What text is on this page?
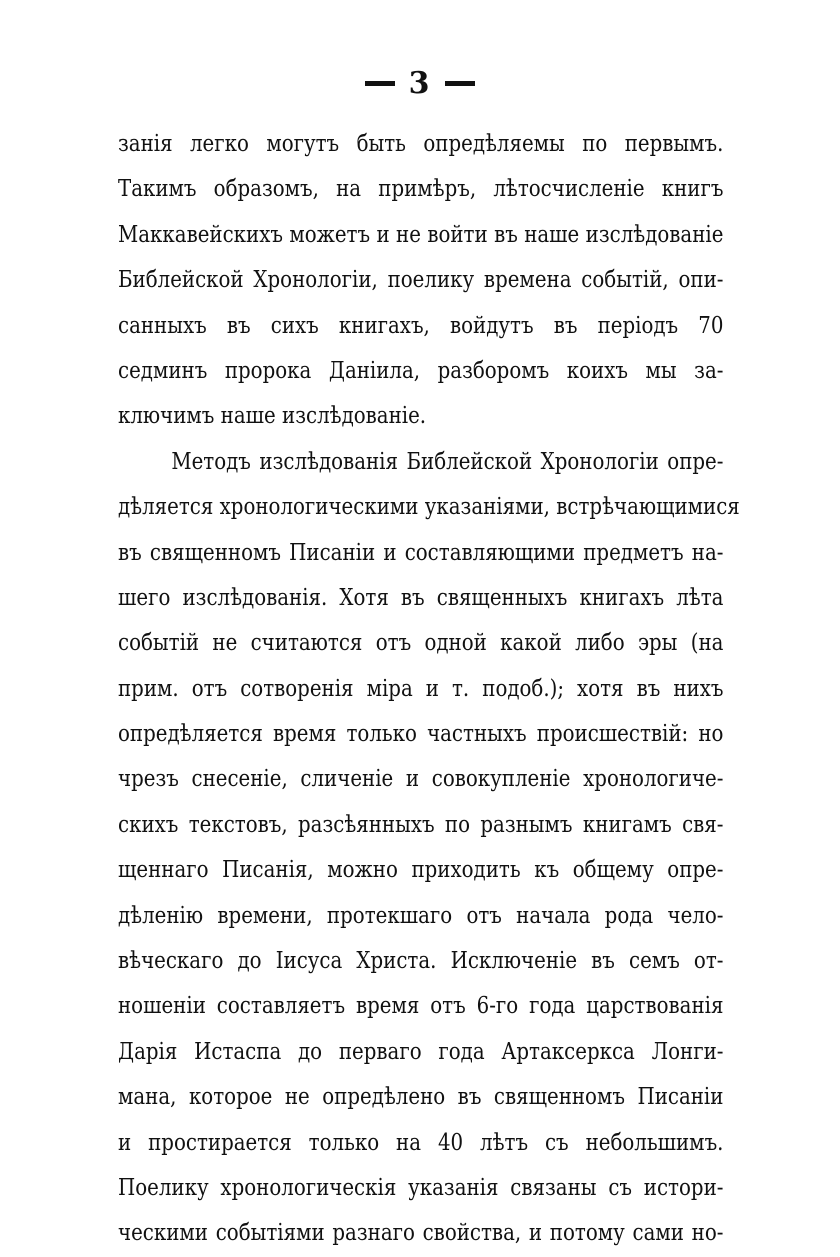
3
занія легко могутъ быть опредѣляемы по первымъ.
Такимъ образомъ, на примѣръ, лѣтосчисленіе книгъ
Маккавейскихъ можетъ и не войти въ наше изслѣдованіе
Библейской Хронологіи, поелику времена событій, опи-
санныхъ въ сихъ книгахъ, войдутъ въ періодъ 70
седминъ пророка Даніила, разборомъ коихъ мы за-
ключимъ наше изслѣдованіе.
Методъ изслѣдованія Библейской Хронологіи опре-
дѣляется хронологическими указаніями, встрѣчающимися
въ священномъ Писаніи и составляющими предметъ на-
шего изслѣдованія. Хотя въ священныхъ книгахъ лѣта
событій не считаются отъ одной какой либо эры (на
прим. отъ сотворенія міра и т. подоб.); хотя въ нихъ
опредѣляется время только частныхъ происшествій: но
чрезъ снесеніе, сличеніе и совокупленіе хронологиче-
скихъ текстовъ, разсѣянныхъ по разнымъ книгамъ свя-
щеннаго Писанія, можно приходить къ общему опре-
дѣленію времени, протекшаго отъ начала рода чело-
вѣческаго до Іисуса Христа. Исключеніе въ семъ от-
ношеніи составляетъ время отъ 6-го года царствованія
Дарія Истаспа до перваго года Артаксеркса Лонги-
мана, которое не опредѣлено въ священномъ Писаніи
и простирается только на 40 лѣтъ съ небольшимъ.
Поелику хронологическія указанія связаны съ истори-
ческими событіями разнаго свойства, и потому сами но-
